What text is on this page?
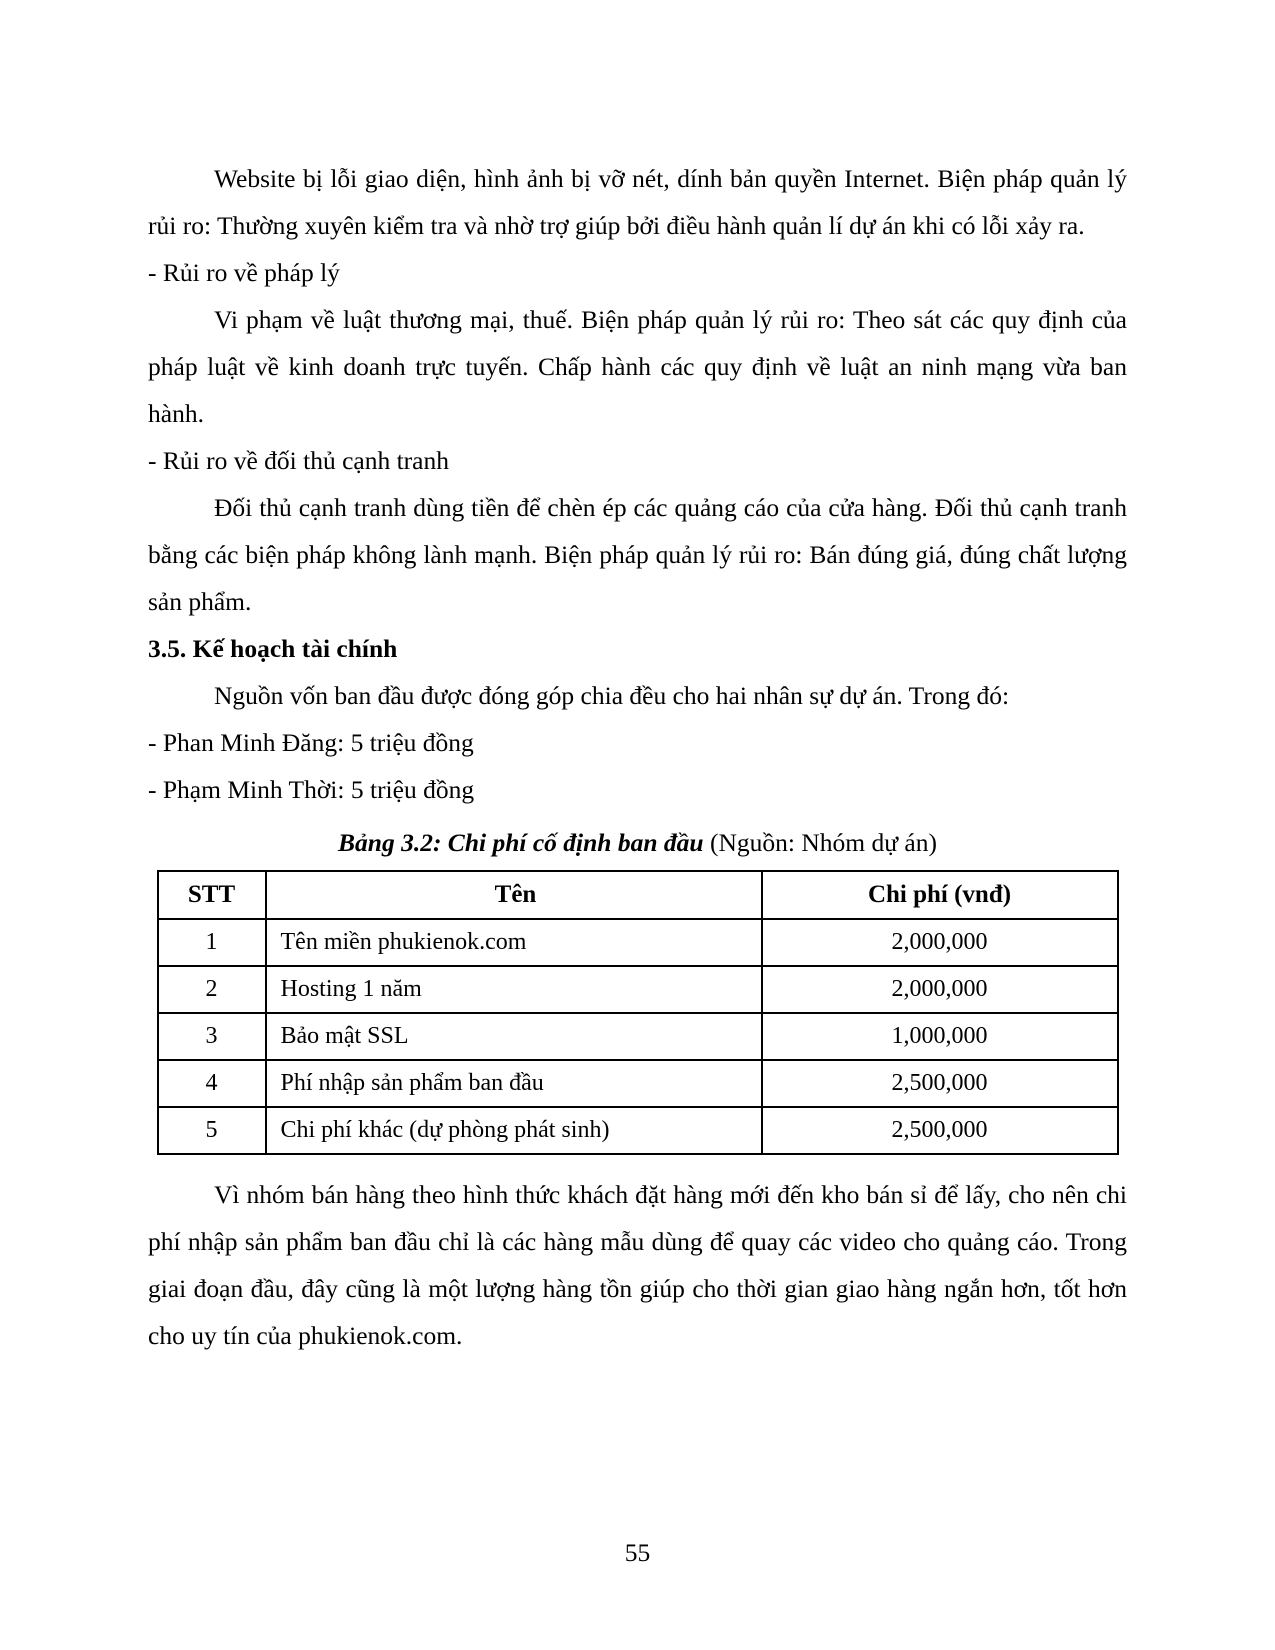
Website bị lỗi giao diện, hình ảnh bị vỡ nét, dính bản quyền Internet. Biện pháp quản lý rủi ro: Thường xuyên kiểm tra và nhờ trợ giúp bởi điều hành quản lí dự án khi có lỗi xảy ra.

- Rủi ro về pháp lý

Vi phạm về luật thương mại, thuế. Biện pháp quản lý rủi ro: Theo sát các quy định của pháp luật về kinh doanh trực tuyến. Chấp hành các quy định về luật an ninh mạng vừa ban hành.

- Rủi ro về đối thủ cạnh tranh

Đối thủ cạnh tranh dùng tiền để chèn ép các quảng cáo của cửa hàng. Đối thủ cạnh tranh bằng các biện pháp không lành mạnh. Biện pháp quản lý rủi ro: Bán đúng giá, đúng chất lượng sản phẩm.

3.5. Kế hoạch tài chính

Nguồn vốn ban đầu được đóng góp chia đều cho hai nhân sự dự án. Trong đó:

- Phan Minh Đăng: 5 triệu đồng

- Phạm Minh Thời: 5 triệu đồng

Bảng 3.2: Chi phí cố định ban đầu (Nguồn: Nhóm dự án)
STT	Tên	Chi phí (vnđ)
1	Tên miền phukienok.com	2,000,000
2	Hosting 1 năm	2,000,000
3	Bảo mật SSL	1,000,000
4	Phí nhập sản phẩm ban đầu	2,500,000
5	Chi phí khác (dự phòng phát sinh)	2,500,000

Vì nhóm bán hàng theo hình thức khách đặt hàng mới đến kho bán sỉ để lấy, cho nên chi phí nhập sản phẩm ban đầu chỉ là các hàng mẫu dùng để quay các video cho quảng cáo. Trong giai đoạn đầu, đây cũng là một lượng hàng tồn giúp cho thời gian giao hàng ngắn hơn, tốt hơn cho uy tín của phukienok.com.

55
